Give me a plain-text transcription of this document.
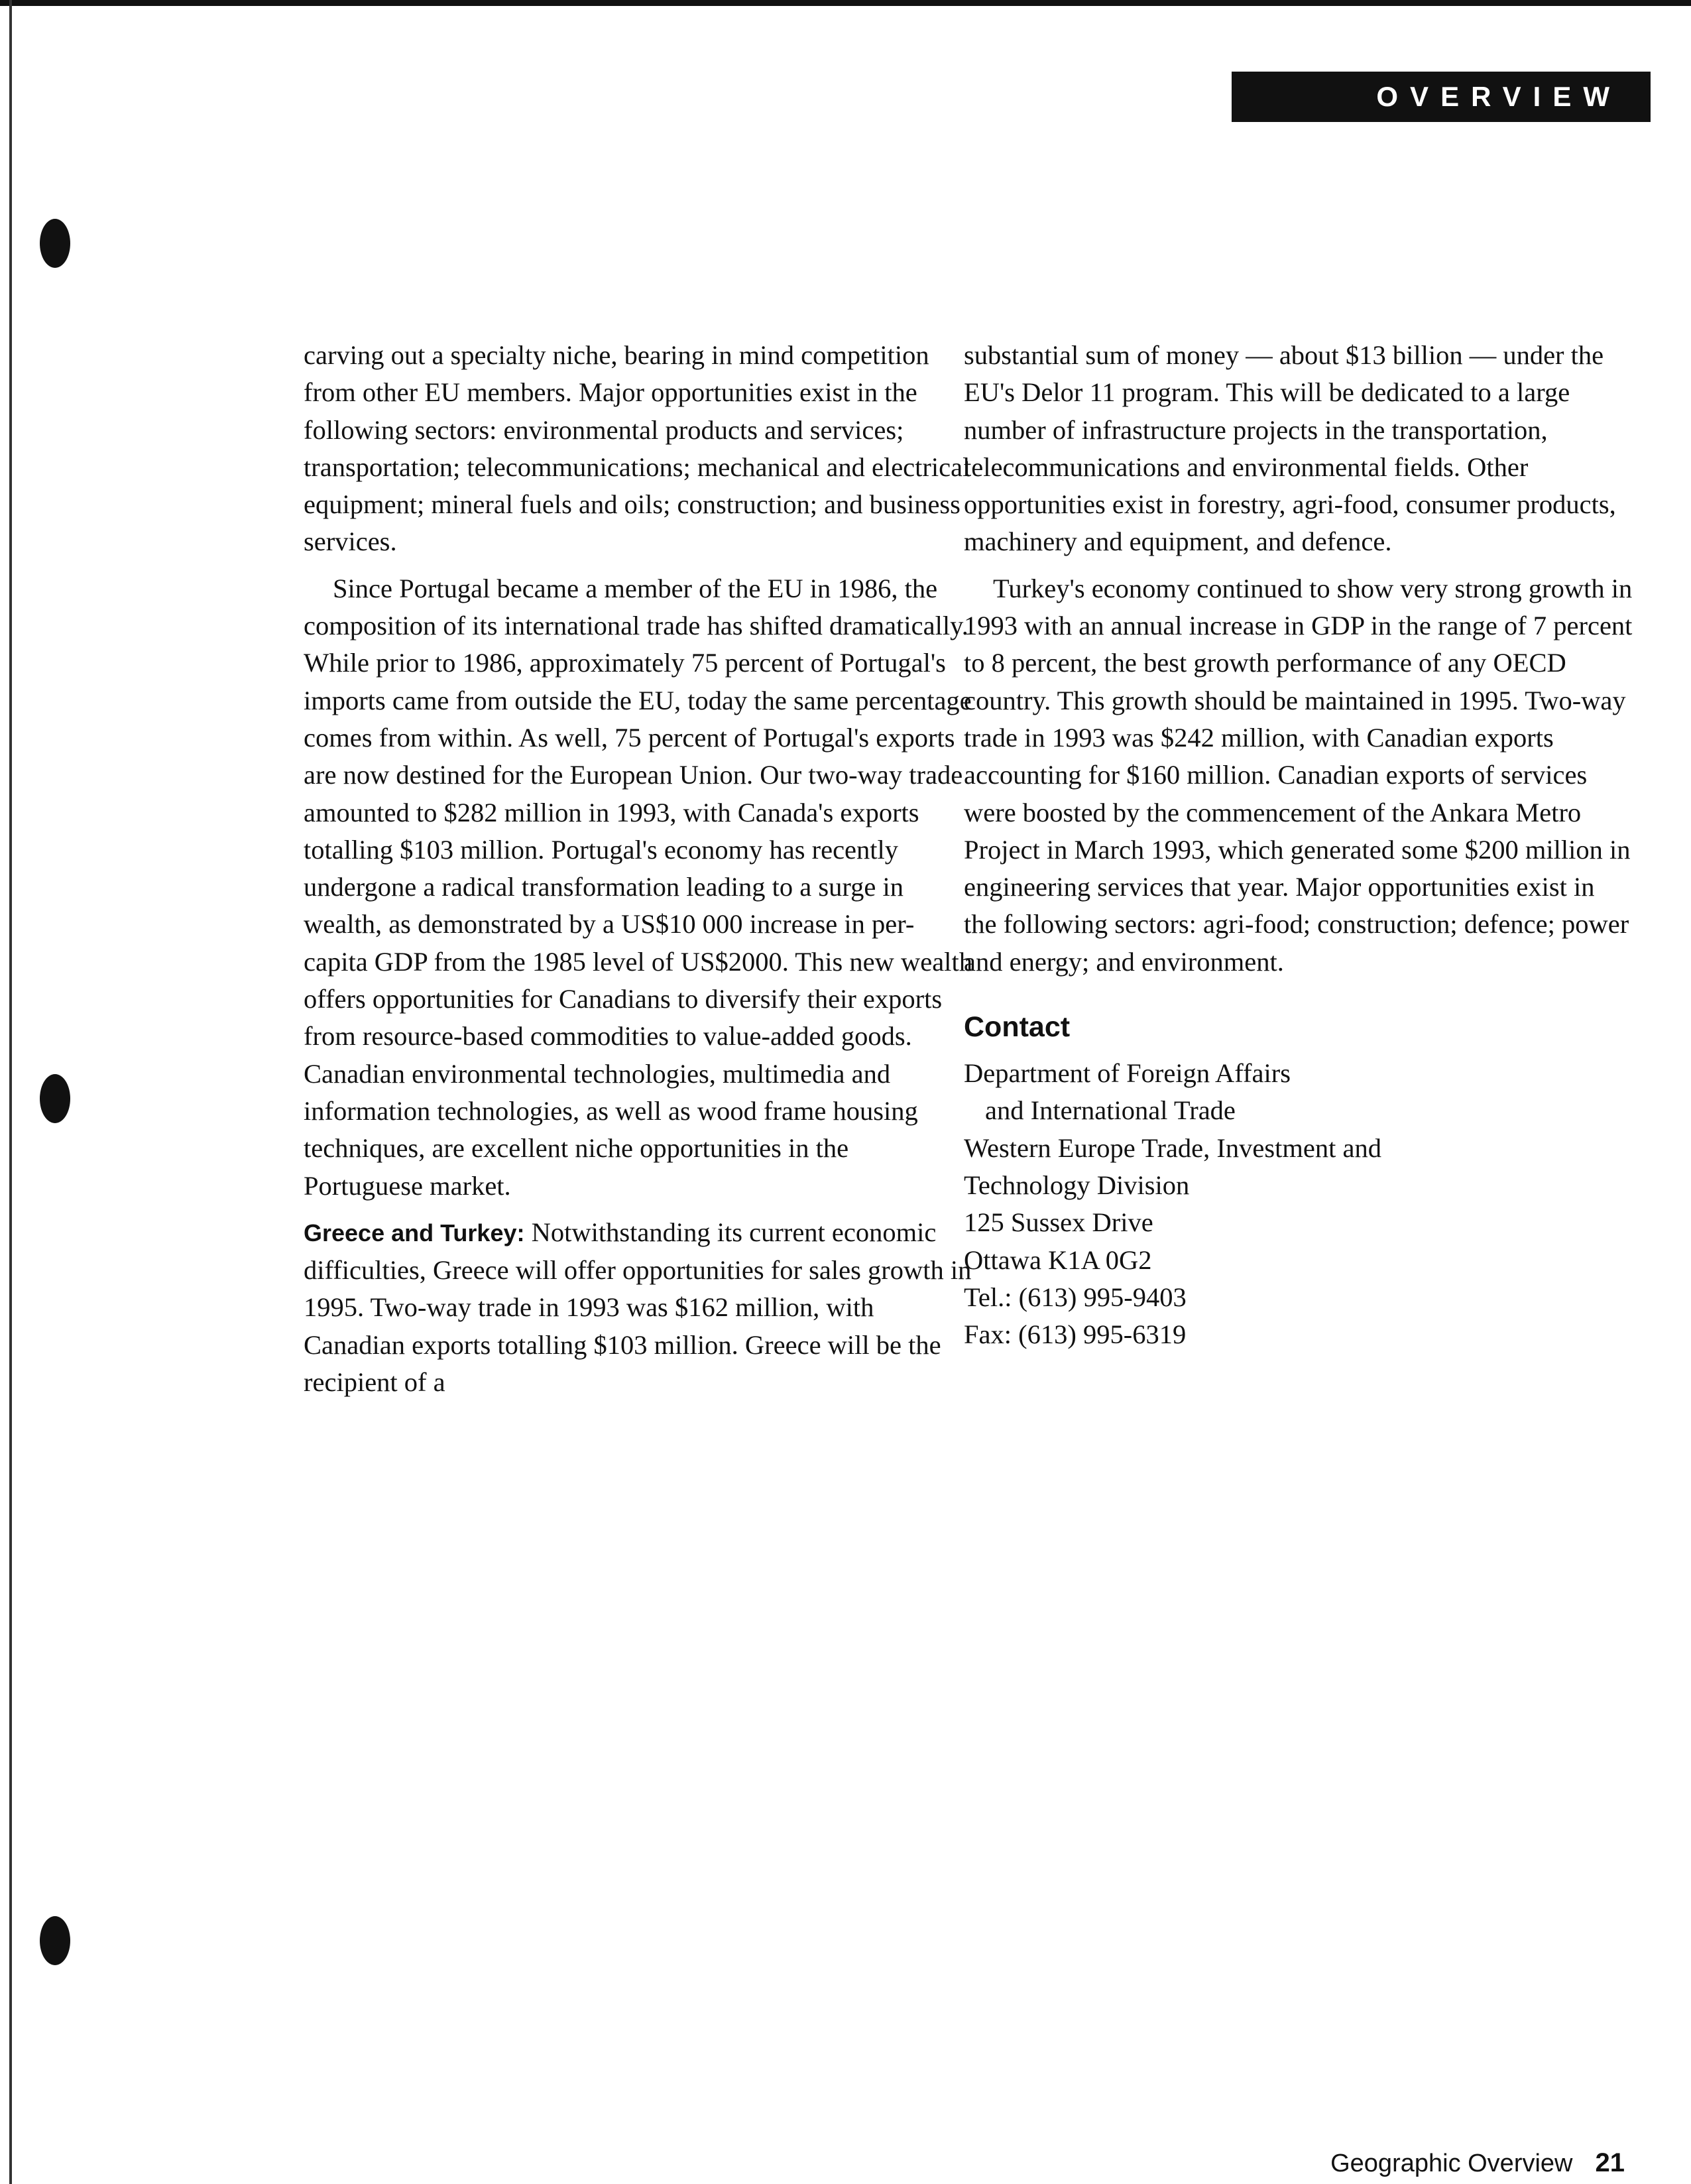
OVERVIEW

carving out a specialty niche, bearing in mind competition from other EU members. Major opportunities exist in the following sectors: environmental products and services; transportation; telecommunications; mechanical and electrical equipment; mineral fuels and oils; construction; and business services.

Since Portugal became a member of the EU in 1986, the composition of its international trade has shifted dramatically. While prior to 1986, approximately 75 percent of Portugal's imports came from outside the EU, today the same percentage comes from within. As well, 75 percent of Portugal's exports are now destined for the European Union. Our two-way trade amounted to $282 million in 1993, with Canada's exports totalling $103 million. Portugal's economy has recently undergone a radical transformation leading to a surge in wealth, as demonstrated by a US$10 000 increase in per-capita GDP from the 1985 level of US$2000. This new wealth offers opportunities for Canadians to diversify their exports from resource-based commodities to value-added goods. Canadian environmental technologies, multimedia and information technologies, as well as wood frame housing techniques, are excellent niche opportunities in the Portuguese market.

Greece and Turkey: Notwithstanding its current economic difficulties, Greece will offer opportunities for sales growth in 1995. Two-way trade in 1993 was $162 million, with Canadian exports totalling $103 million. Greece will be the recipient of a

substantial sum of money — about $13 billion — under the EU's Delor 11 program. This will be dedicated to a large number of infrastructure projects in the transportation, telecommunications and environmental fields. Other opportunities exist in forestry, agri-food, consumer products, machinery and equipment, and defence.

Turkey's economy continued to show very strong growth in 1993 with an annual increase in GDP in the range of 7 percent to 8 percent, the best growth performance of any OECD country. This growth should be maintained in 1995. Two-way trade in 1993 was $242 million, with Canadian exports accounting for $160 million. Canadian exports of services were boosted by the commencement of the Ankara Metro Project in March 1993, which generated some $200 million in engineering services that year. Major opportunities exist in the following sectors: agri-food; construction; defence; power and energy; and environment.

Contact
Department of Foreign Affairs
and International Trade
Western Europe Trade, Investment and
Technology Division
125 Sussex Drive
Ottawa K1A 0G2
Tel.: (613) 995-9403
Fax: (613) 995-6319
Geographic Overview 21
